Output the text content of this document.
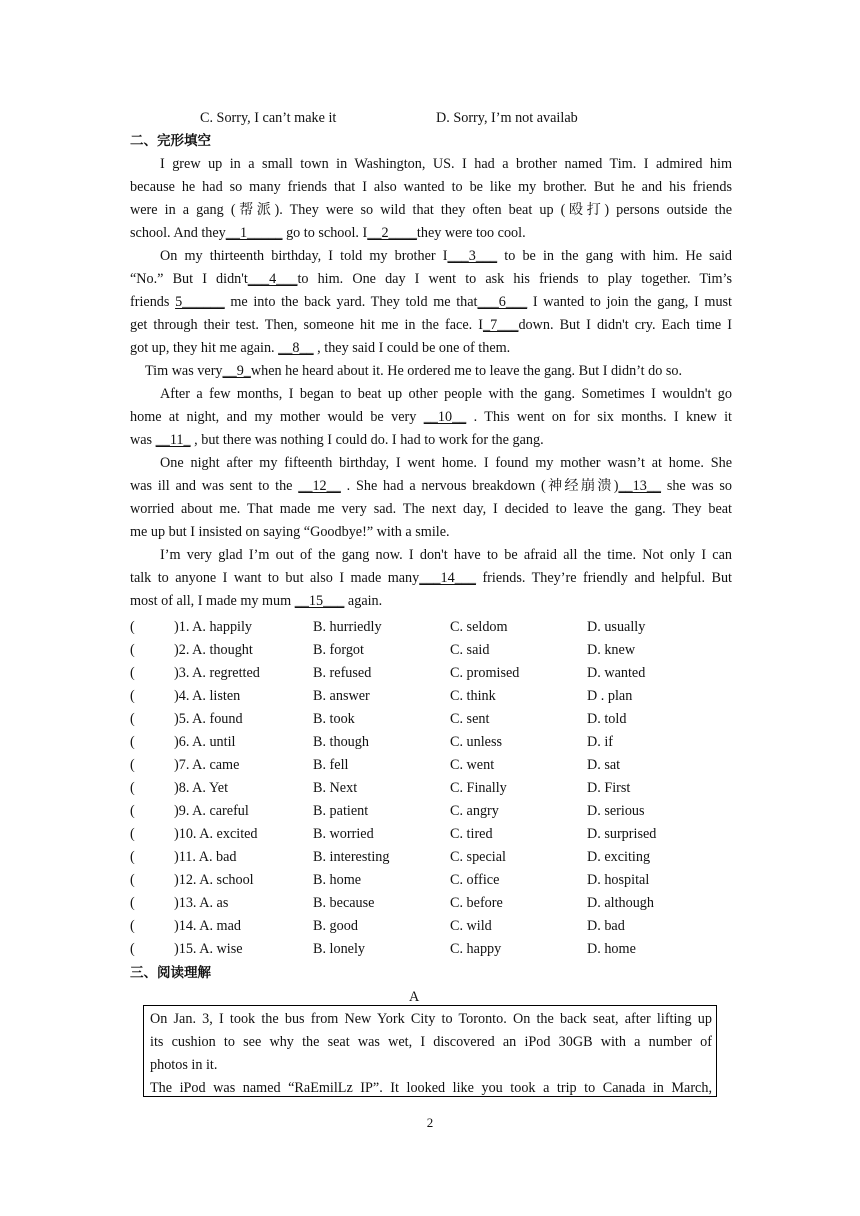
C. Sorry, I can’t make it	D. Sorry, I’m not availab
二、完形填空
I grew up in a small town in Washington, US. I had a brother named Tim. I admired him
because he had so many friends that I also wanted to be like my brother. But he and his friends
were in a gang (帮派). They were so wild that they often beat up (殴打) persons outside the
school. And they__1_____ go to school. I__2____they were too cool.
On my thirteenth birthday, I told my brother I___3___ to be in the gang with him. He said
“No.” But I didn't___4___to him. One day I went to ask his friends to play together. Tim’s
friends 5______ me into the back yard. They told me that___6___ I wanted to join the gang, I must
get through their test. Then, someone hit me in the face. I_7___down. But I didn't cry. Each time I
got up, they hit me again. __8__ , they said I could be one of them.
Tim was very__9_when he heard about it. He ordered me to leave the gang. But I didn’t do so.
After a few months, I began to beat up other people with the gang. Sometimes I wouldn't go
home at night, and my mother would be very __10__ . This went on for six months. I knew it
was __11_ , but there was nothing I could do. I had to work for the gang.
One night after my fifteenth birthday, I went home. I found my mother wasn’t at home. She
was ill and was sent to the __12__ . She had a nervous breakdown (神经崩溃)__13__ she was so
worried about me. That made me very sad. The next day, I decided to leave the gang. They beat
me up but I insisted on saying “Goodbye!” with a smile.
I’m very glad I’m out of the gang now. I don't have to be afraid all the time. Not only I can
talk to anyone I want to but also I made many___14___ friends. They’re friendly and helpful. But
most of all, I made my mum __15___ again.
(	)1. A. happily	B. hurriedly	C. seldom	D. usually
(	)2. A. thought	B. forgot	C. said	D. knew
(	)3. A. regretted	B. refused	C. promised	D. wanted
(	)4. A. listen	B. answer	C. think	D . plan
(	)5. A. found	B. took	C. sent	D. told
(	)6. A. until	B. though	C. unless	D. if
(	)7. A. came	B. fell	C. went	D. sat
(	)8. A. Yet	B. Next	C. Finally	D. First
(	)9. A. careful	B. patient	C. angry	D. serious
(	)10. A. excited	B. worried	C. tired	D. surprised
(	)11. A. bad	B. interesting	C. special	D. exciting
(	)12. A. school	B. home	C. office	D. hospital
(	)13. A. as	B. because	C. before	D. although
(	)14. A. mad	B. good	C. wild	D. bad
(	)15. A. wise	B. lonely	C. happy	D. home
三、阅读理解
A
On Jan. 3, I took the bus from New York City to Toronto. On the back seat, after lifting up
its cushion to see why the seat was wet, I discovered an iPod 30GB with a number of
photos in it.
The iPod was named “RaEmilLz IP”. It looked like you took a trip to Canada in March,
2
